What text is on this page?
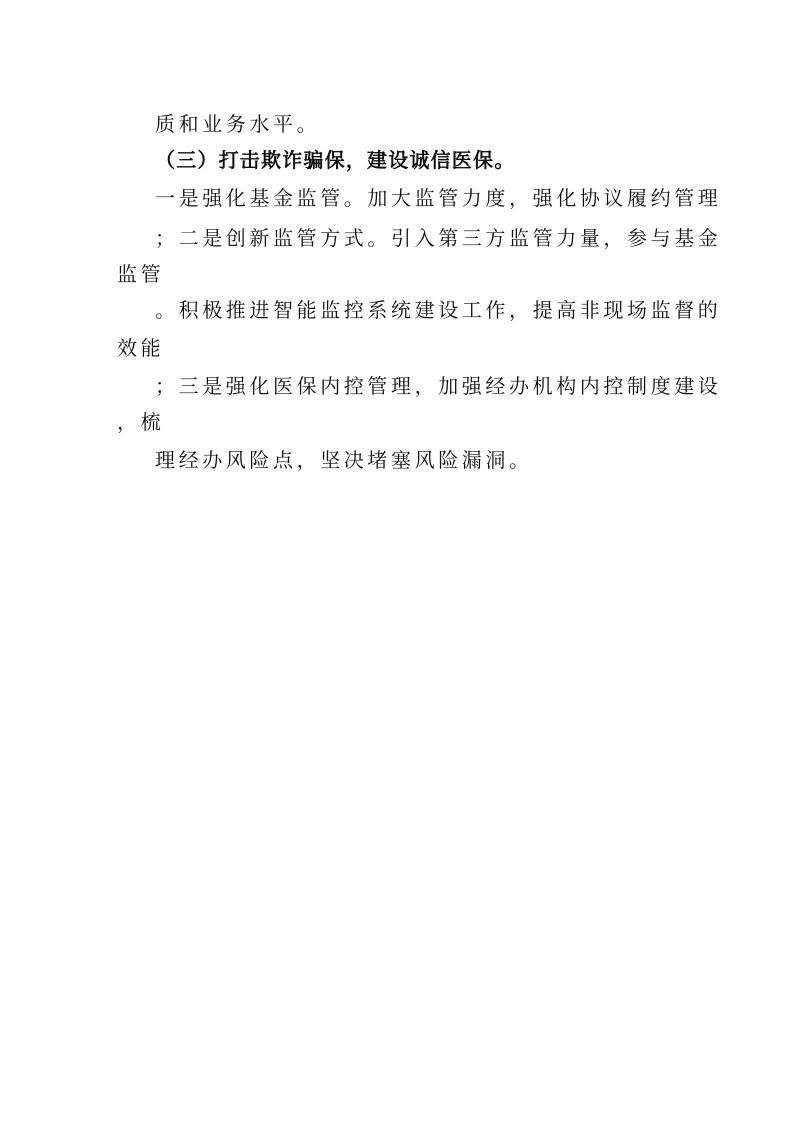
质和业务水平。
（三）打击欺诈骗保，建设诚信医保。
一是强化基金监管。加大监管力度，强化协议履约管理
；二是创新监管方式。引入第三方监管力量，参与基金
监管
。积极推进智能监控系统建设工作，提高非现场监督的
效能
；三是强化医保内控管理，加强经办机构内控制度建设
，梳
理经办风险点，坚决堵塞风险漏洞。
